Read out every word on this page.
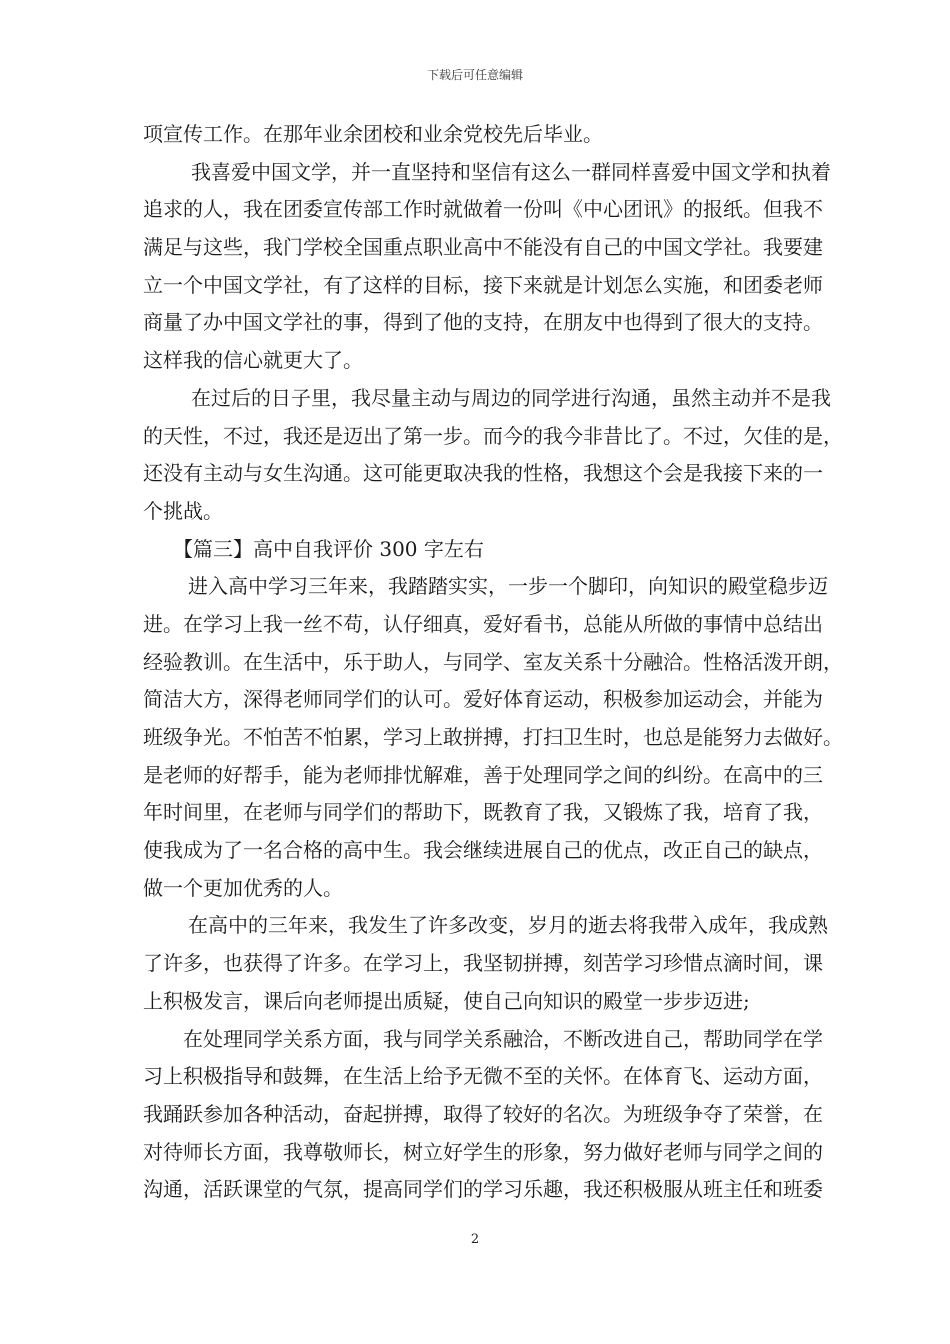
下载后可任意编辑
项宣传工作。在那年业余团校和业余党校先后毕业。
我喜爱中国文学，并一直坚持和坚信有这么一群同样喜爱中国文学和执着
追求的人，我在团委宣传部工作时就做着一份叫《中心团讯》的报纸。但我不
满足与这些，我门学校全国重点职业高中不能没有自己的中国文学社。我要建
立一个中国文学社，有了这样的目标，接下来就是计划怎么实施，和团委老师
商量了办中国文学社的事，得到了他的支持，在朋友中也得到了很大的支持。
这样我的信心就更大了。
在过后的日子里，我尽量主动与周边的同学进行沟通，虽然主动并不是我
的天性，不过，我还是迈出了第一步。而今的我今非昔比了。不过，欠佳的是，
还没有主动与女生沟通。这可能更取决我的性格，我想这个会是我接下来的一
个挑战。
【篇三】高中自我评价 300 字左右
进入高中学习三年来，我踏踏实实，一步一个脚印，向知识的殿堂稳步迈
进。在学习上我一丝不苟，认仔细真，爱好看书，总能从所做的事情中总结出
经验教训。在生活中，乐于助人，与同学、室友关系十分融洽。性格活泼开朗，
简洁大方，深得老师同学们的认可。爱好体育运动，积极参加运动会，并能为
班级争光。不怕苦不怕累，学习上敢拼搏，打扫卫生时，也总是能努力去做好。
是老师的好帮手，能为老师排忧解难，善于处理同学之间的纠纷。在高中的三
年时间里，在老师与同学们的帮助下，既教育了我，又锻炼了我，培育了我，
使我成为了一名合格的高中生。我会继续进展自己的优点，改正自己的缺点，
做一个更加优秀的人。
在高中的三年来，我发生了许多改变，岁月的逝去将我带入成年，我成熟
了许多，也获得了许多。在学习上，我坚韧拼搏，刻苦学习珍惜点滴时间，课
上积极发言，课后向老师提出质疑，使自己向知识的殿堂一步步迈进;
在处理同学关系方面，我与同学关系融洽，不断改进自己，帮助同学在学
习上积极指导和鼓舞，在生活上给予无微不至的关怀。在体育飞、运动方面，
我踊跃参加各种活动，奋起拼搏，取得了较好的名次。为班级争夺了荣誉，在
对待师长方面，我尊敬师长，树立好学生的形象，努力做好老师与同学之间的
沟通，活跃课堂的气氛，提高同学们的学习乐趣，我还积极服从班主任和班委
2
